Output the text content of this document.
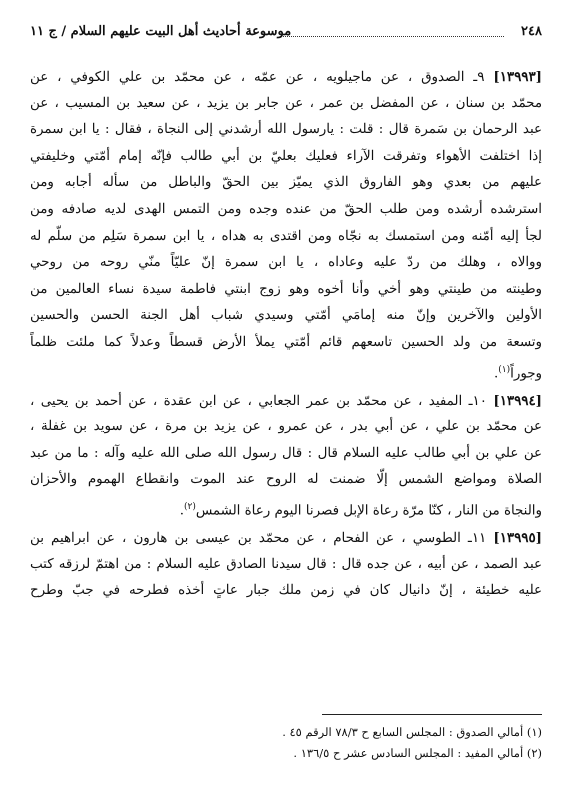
٢٤٨
موسوعة أحاديث أهل البيت عليهم السلام / ج ١١
[١٣٩٩٣] ٩ـ الصدوق ، عن ماجيلويه ، عن عمّه ، عن محمّد بن علي الكوفي ، عن
محمّد بن سنان ، عن المفضل بن عمر ، عن جابر بن يزيد ، عن سعيد بن المسيب ، عن
عبد الرحمان بن سَمرة قال : قلت : يارسول الله أرشدني إلى النجاة ، فقال : يا ابن سمرة
إذا اختلفت الأهواء وتفرقت الآراء فعليك بعليّ بن أبي طالب فإنّه إمام أمّتي وخليفتي
عليهم من بعدي وهو الفاروق الذي يميّز بين الحقّ والباطل من سأله أجابه ومن
استرشده أرشده ومن طلب الحقّ من عنده وجده ومن التمس الهدى لديه صادفه ومن
لجأ إليه أمّنه ومن استمسك به نجّاه ومن اقتدى به هداه ، يا ابن سمرة سَلِم من سلّم له
ووالاه ، وهلك من ردّ عليه وعاداه ، يا ابن سمرة إنّ عليّاً منّي روحه من روحي
وطينته من طينتي وهو أخي وأنا أخوه وهو زوج ابنتي فاطمة سيدة نساء العالمين من
الأولين والآخرين وإنّ منه إمامَي أمّتي وسيدي شباب أهل الجنة الحسن والحسين
وتسعة من ولد الحسين تاسعهم قائم أمّتي يملأ الأرض قسطاً وعدلاً كما ملئت ظلماً
وجوراً$^{(١)}$.
[١٣٩٩٤] ١٠ـ المفيد ، عن محمّد بن عمر الجعابي ، عن ابن عقدة ، عن أحمد بن يحيى ،
عن محمّد بن علي ، عن أبي بدر ، عن عمرو ، عن يزيد بن مرة ، عن سويد بن غفلة ،
عن علي بن أبي طالب عليه السلام قال : قال رسول الله صلى الله عليه وآله : ما من عبد
الصلاة ومواضع الشمس إلّا ضمنت له الروح عند الموت وانقطاع الهموم والأحزان
والنجاة من النار ، كنّا مرّة رعاة الإبل فصرنا اليوم رعاة الشمس$^{(٢)}$.
[١٣٩٩٥] ١١ـ الطوسي ، عن الفحام ، عن محمّد بن عيسى بن هارون ، عن ابراهيم بن
عبد الصمد ، عن أبيه ، عن جده قال : قال سيدنا الصادق عليه السلام : من اهتمّ لرزقه كتب
عليه خطيئة ، إنّ دانيال كان في زمن ملك جبار عاتٍ أخذه فطرحه في جبّ وطرح
(١) أمالي الصدوق : المجلس السابع ح ٧٨/٣ الرقم ٤٥ .
(٢) أمالي المفيد : المجلس السادس عشر ح ١٣٦/٥ .
